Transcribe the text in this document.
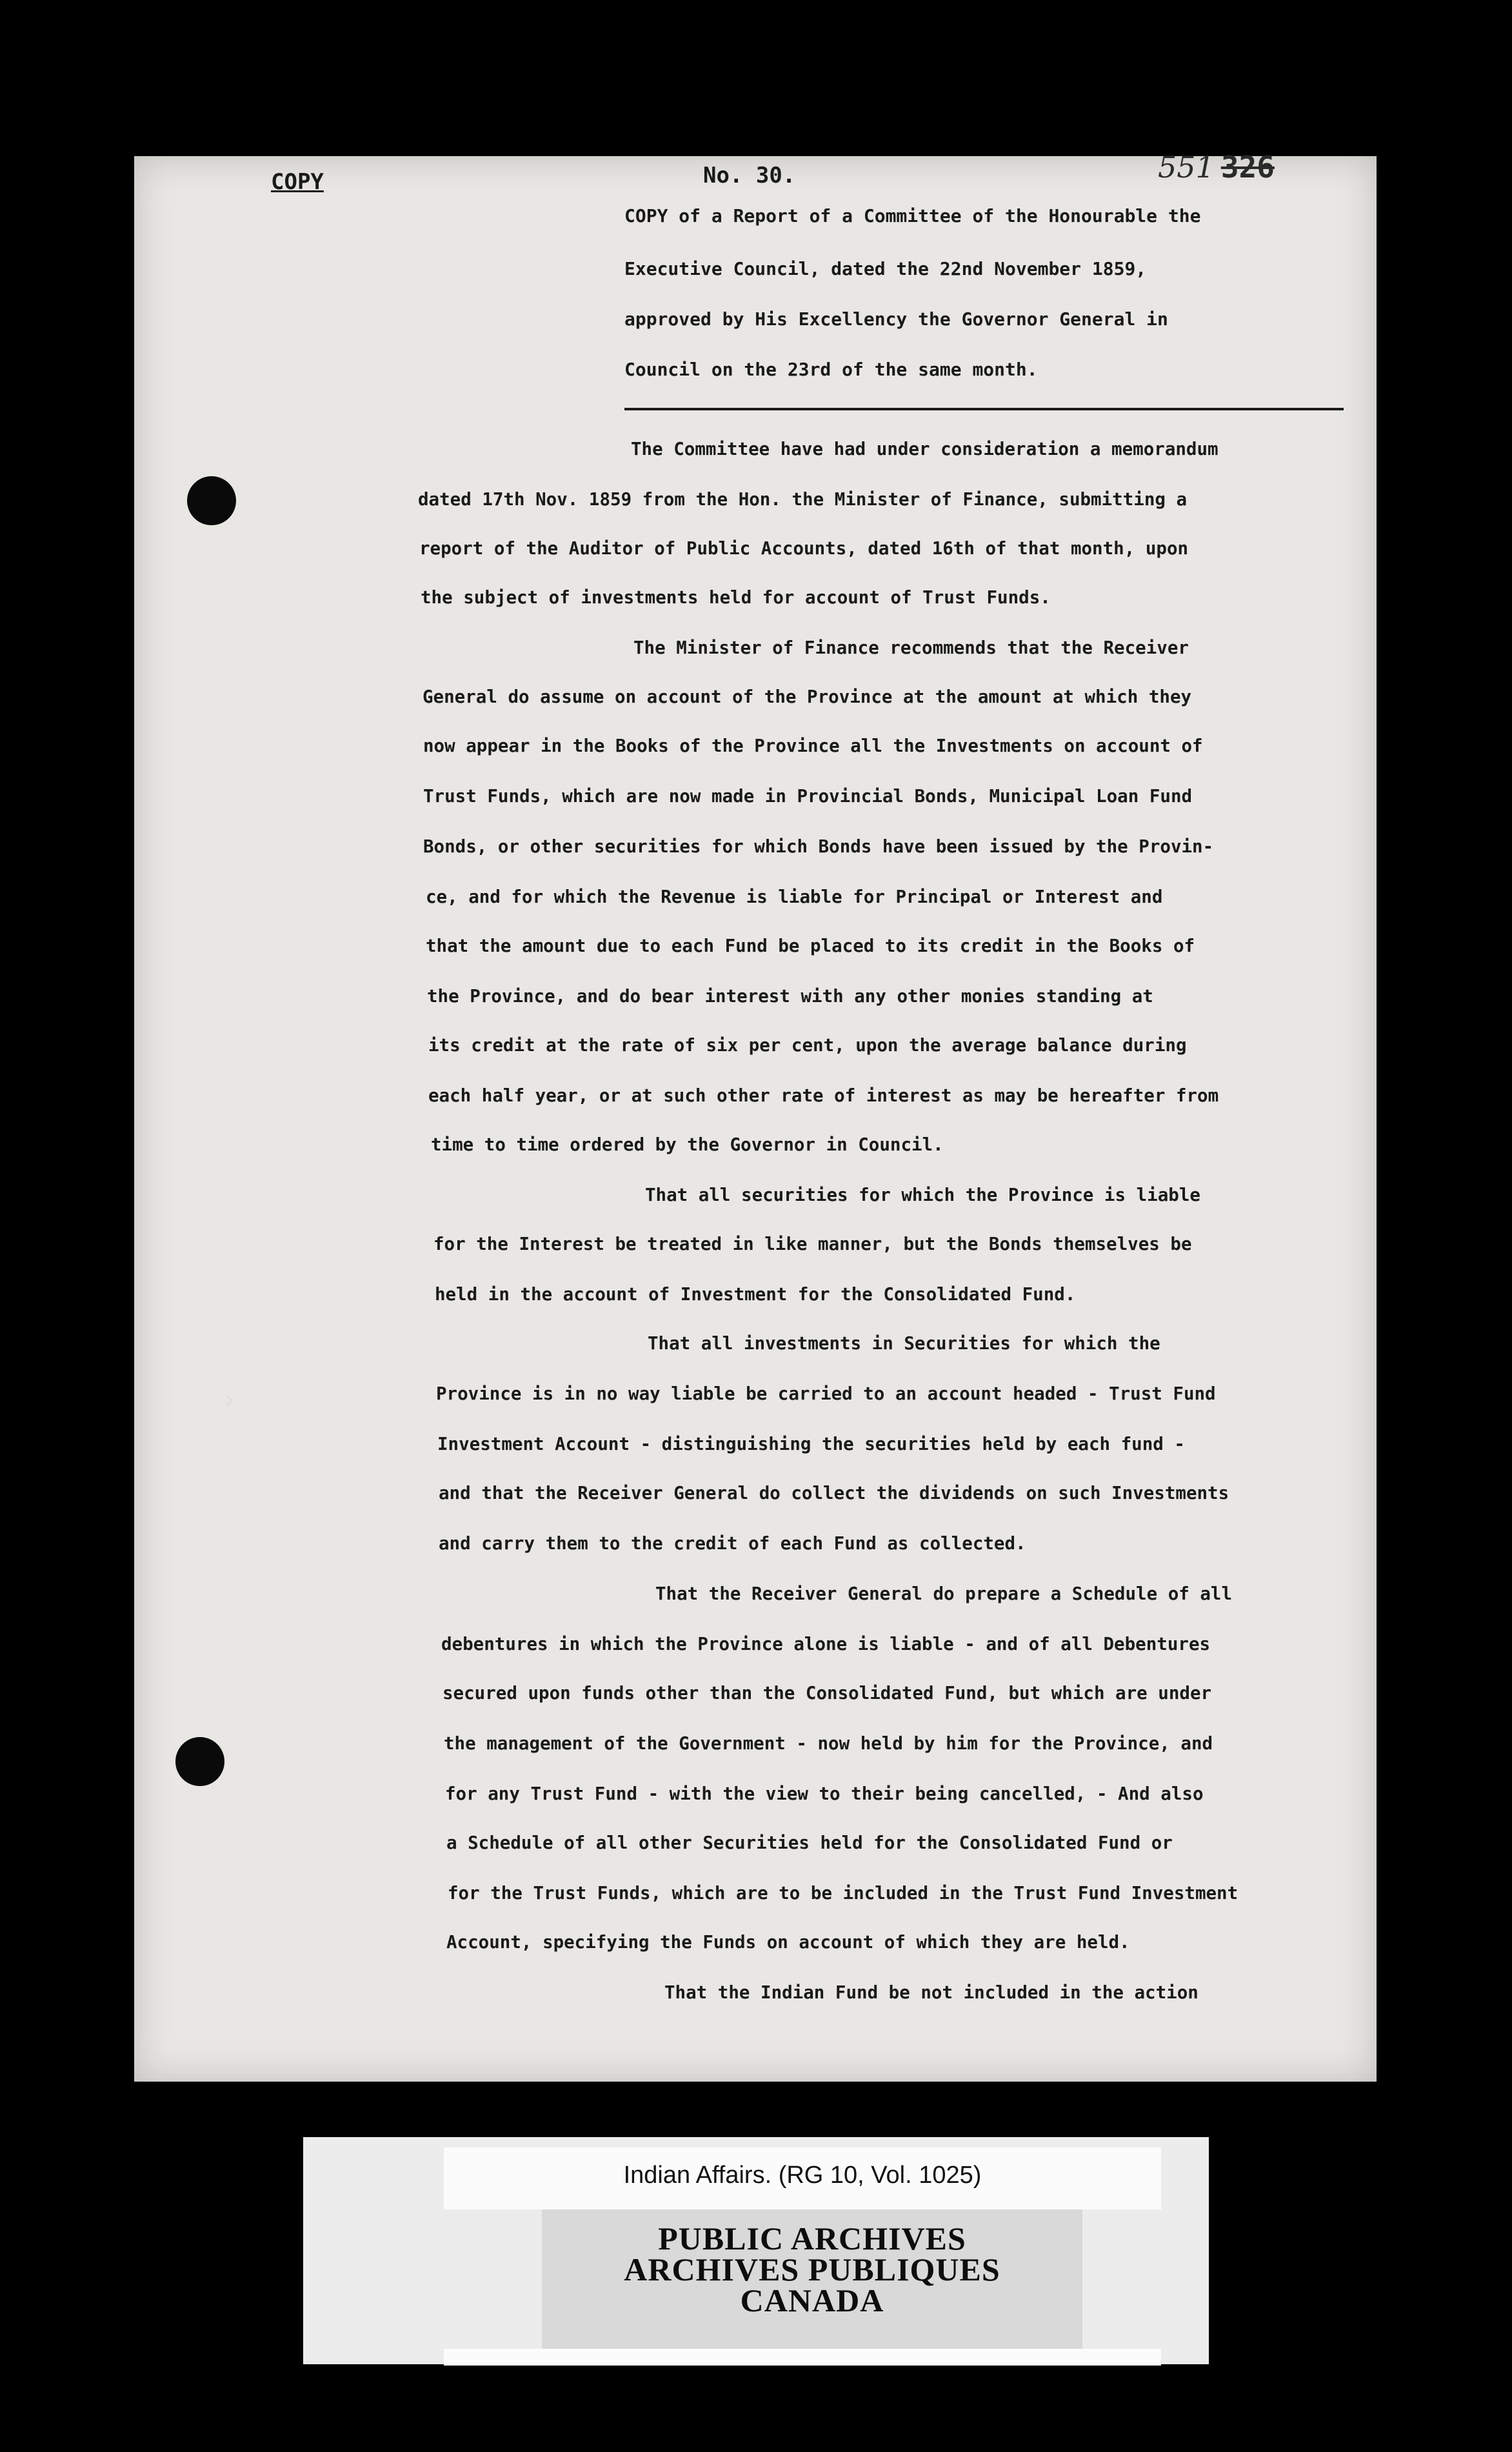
COPY	No. 30.	551 326
COPY of a Report of a Committee of the Honourable the
Executive Council, dated the 22nd November 1859,
approved by His Excellency the Governor General in
Council on the 23rd of the same month.
The Committee have had under consideration a memorandum
dated 17th Nov. 1859 from the Hon. the Minister of Finance, submitting a
report of the Auditor of Public Accounts, dated 16th of that month, upon
the subject of investments held for account of Trust Funds.
The Minister of Finance recommends that the Receiver
General do assume on account of the Province at the amount at which they
now appear in the Books of the Province all the Investments on account of
Trust Funds, which are now made in Provincial Bonds, Municipal Loan Fund
Bonds, or other securities for which Bonds have been issued by the Provin-
ce, and for which the Revenue is liable for Principal or Interest and
that the amount due to each Fund be placed to its credit in the Books of
the Province, and do bear interest with any other monies standing at
its credit at the rate of six per cent, upon the average balance during
each half year, or at such other rate of interest as may be hereafter from
time to time ordered by the Governor in Council.
That all securities for which the Province is liable
for the Interest be treated in like manner, but the Bonds themselves be
held in the account of Investment for the Consolidated Fund.
That all investments in Securities for which the
Province is in no way liable be carried to an account headed - Trust Fund
Investment Account - distinguishing the securities held by each fund -
and that the Receiver General do collect the dividends on such Investments
and carry them to the credit of each Fund as collected.
That the Receiver General do prepare a Schedule of all
debentures in which the Province alone is liable - and of all Debentures
secured upon funds other than the Consolidated Fund, but which are under
the management of the Government - now held by him for the Province, and
for any Trust Fund - with the view to their being cancelled, - And also
a Schedule of all other Securities held for the Consolidated Fund or
for the Trust Funds, which are to be included in the Trust Fund Investment
Account, specifying the Funds on account of which they are held.
That the Indian Fund be not included in the action
›
Indian Affairs. (RG 10, Vol. 1025)
PUBLIC ARCHIVES
ARCHIVES PUBLIQUES
CANADA
